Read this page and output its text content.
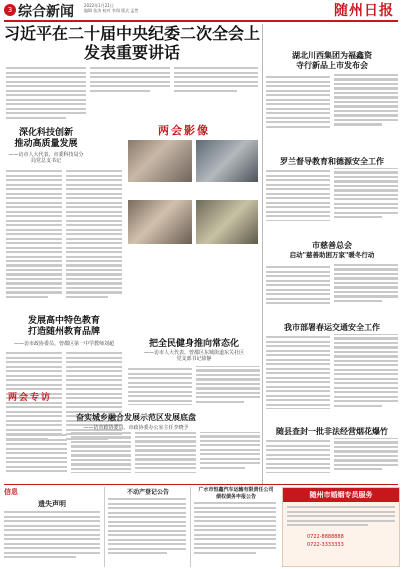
3 综合新闻	2022年1月21日
编辑 张涛 校对 李翔 版式 孟然	随州日报
习近平在二十届中央纪委二次全会上
发表重要讲话
深化科技创新
推动高质量发展
——访市人大代表、市委科技局分
局党总支书记
两会影像
发展高中特色教育
打造随州教育品牌
——访市政协委员、曾都区第一中学教师刘超
两会专访
奋实城乡融合发展示范区发展底盘
——访市政协委员、市政协委办公室主任李晓予
把全民健身推向常态化
——访市人大代表、曾都区东城街道东关社区
党支部书记徐静
湖北川西集团为福鑫资
寺行新品上市发布会
罗兰督导教育和德源安全工作
市慈善总会
启动"慈善助困万家"暖冬行动
我市部署春运交通安全工作
随县查封一批非法经营烟花爆竹
信息
遗失声明
不动产登记公告	广水市恒鑫汽车运输有限责任公司
债权债务申报公告	随州市婚姻专员服务
0722-8888888
0722-3333333
